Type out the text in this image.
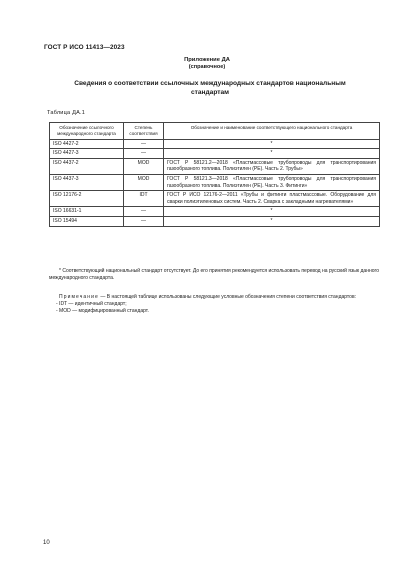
ГОСТ Р ИСО 11413—2023
Приложение ДА
(справочное)
Сведения о соответствии ссылочных международных стандартов национальным стандартам
Таблица ДА.1
Обозначение ссылочного международного стандарта	Степень соответствия	Обозначение и наименование соответствующего национального стандарта
ISO 4427-2	—	*
ISO 4427-3	—	*
ISO 4437-2	MOD	ГОСТ Р 58121.2—2018 «Пластмассовые трубопроводы для транспортирования газообразного топлива. Полиэтилен (PE). Часть 2. Трубы»
ISO 4437-3	MOD	ГОСТ Р 58121.3—2018 «Пластмассовые трубопроводы для транспортирования газообразного топлива. Полиэтилен (PE). Часть 3. Фитинги»
ISO 12176-2	IDT	ГОСТ Р ИСО 12176-2—2011 «Трубы и фитинги пластмассовые. Оборудование для сварки полиэтиленовых систем. Часть 2. Сварка с закладными нагревателями»
ISO 16631-1	—	*
ISO 15494	—	*
* Соответствующий национальный стандарт отсутствует. До его принятия рекомендуется использовать перевод на русский язык данного международного стандарта.
Примечание — В настоящей таблице использованы следующие условные обозначения степени соответствия стандартов:
- IDT — идентичный стандарт;
- MOD — модифицированный стандарт.
10
